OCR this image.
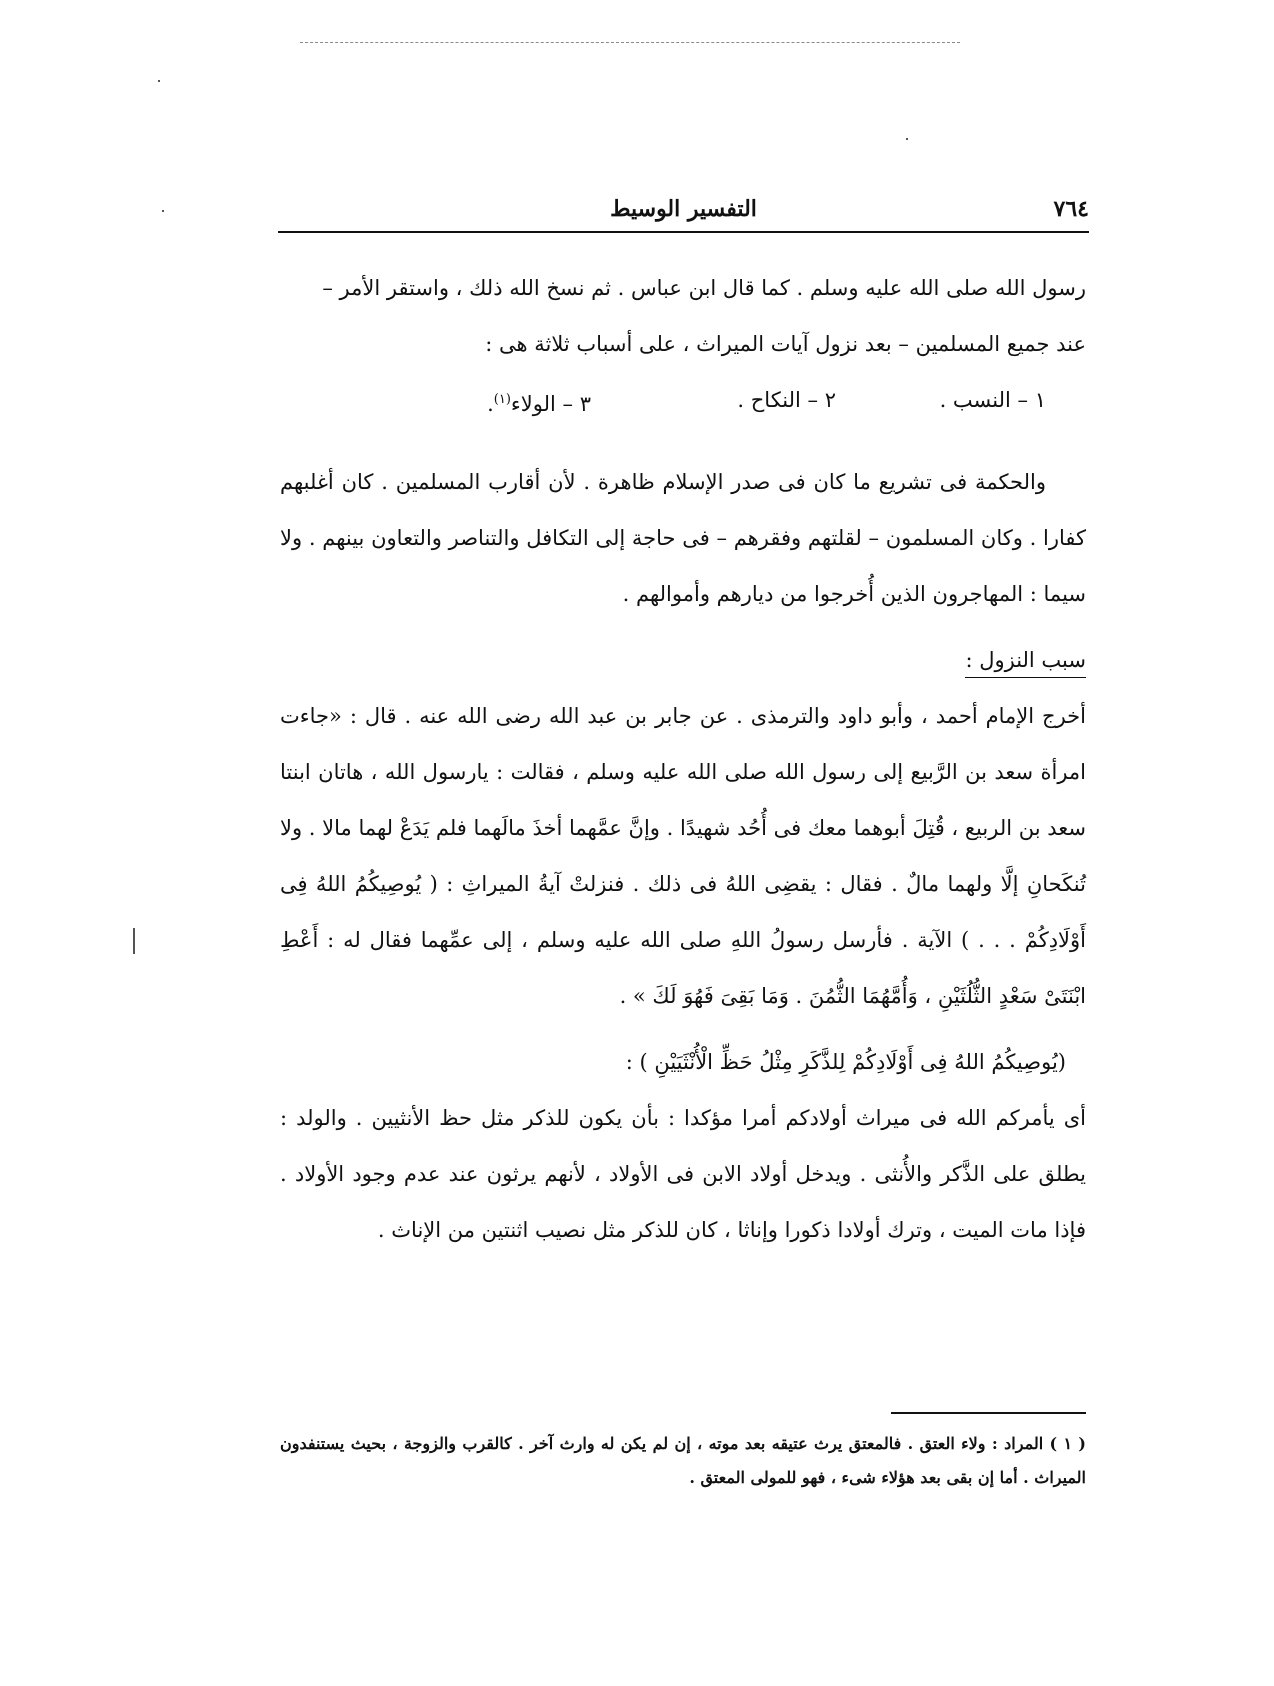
٧٦٤
التفسير الوسيط

رسول الله صلى الله عليه وسلم . كما قال ابن عباس . ثم نسخ الله ذلك ، واستقر الأمر –

عند جميع المسلمين – بعد نزول آيات الميراث ، على أسباب ثلاثة هى :

١ – النسب .
٢ – النكاح .
٣ – الولاء$^{(١)}$.

والحكمة فى تشريع ما كان فى صدر الإسلام ظاهرة . لأن أقارب المسلمين . كان أغلبهم كفارا . وكان المسلمون – لقلتهم وفقرهم – فى حاجة إلى التكافل والتناصر والتعاون بينهم . ولا سيما : المهاجرون الذين أُخرجوا من ديارهم وأموالهم .

سبب النزول :

أخرج الإمام أحمد ، وأبو داود والترمذى . عن جابر بن عبد الله رضى الله عنه . قال : «جاءت امرأة سعد بن الرَّبيع إلى رسول الله صلى الله عليه وسلم ، فقالت : يارسول الله ، هاتان ابنتا سعد بن الربيع ، قُتِلَ أبوهما معك فى أُحُد شهيدًا . وإنَّ عمَّهما أخذَ مالَهما فلم يَدَعْ لهما مالا . ولا تُنكَحانِ إلَّا ولهما مالٌ . فقال : يقضِى اللهُ فى ذلك . فنزلتْ آيةُ الميراثِ : ( يُوصِيكُمُ اللهُ فِى أَوْلَادِكُمْ . . . ) الآية . فأرسل رسولُ اللهِ صلى الله عليه وسلم ، إلى عمِّهما فقال له : أَعْطِ ابْنَتَىْ سَعْدٍ الثُّلُثَيْنِ ، وَأُمَّهُمَا الثُّمُنَ . وَمَا بَقِىَ فَهُوَ لَكَ » .

(يُوصِيكُمُ اللهُ فِى أَوْلَادِكُمْ لِلذَّكَرِ مِثْلُ حَظِّ الْأُنْثَيَيْنِ ) :

أى يأمركم الله فى ميراث أولادكم أمرا مؤكدا : بأن يكون للذكر مثل حظ الأنثيين . والولد : يطلق على الذَّكر والأُنثى . ويدخل أولاد الابن فى الأولاد ، لأنهم يرثون عند عدم وجود الأولاد . فإذا مات الميت ، وترك أولادا ذكورا وإناثا ، كان للذكر مثل نصيب اثنتين من الإناث .

( ١ ) المراد : ولاء العتق . فالمعتق يرث عتيقه بعد موته ، إن لم يكن له وارث آخر . كالقرب والزوجة ، بحيث يستنفدون الميراث . أما إن بقى بعد هؤلاء شىء ، فهو للمولى المعتق .
